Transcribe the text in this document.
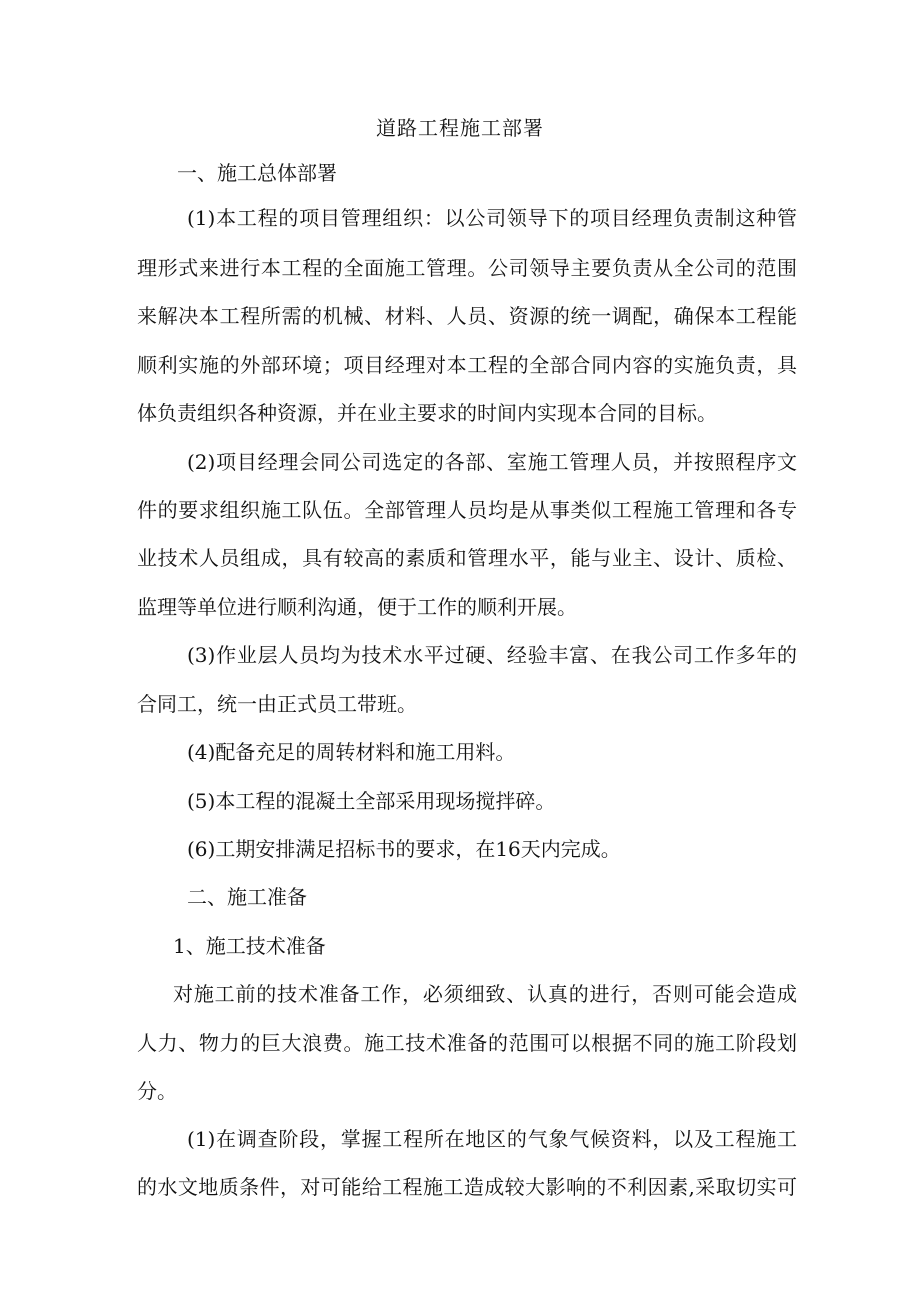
道路工程施工部署
一、施工总体部署
(1)本工程的项目管理组织：以公司领导下的项目经理负责制这种管
理形式来进行本工程的全面施工管理。公司领导主要负责从全公司的范围
来解决本工程所需的机械、材料、人员、资源的统一调配，确保本工程能
顺利实施的外部环境；项目经理对本工程的全部合同内容的实施负责，具
体负责组织各种资源，并在业主要求的时间内实现本合同的目标。
(2)项目经理会同公司选定的各部、室施工管理人员，并按照程序文
件的要求组织施工队伍。全部管理人员均是从事类似工程施工管理和各专
业技术人员组成，具有较高的素质和管理水平，能与业主、设计、质检、
监理等单位进行顺利沟通，便于工作的顺利开展。
(3)作业层人员均为技术水平过硬、经验丰富、在我公司工作多年的
合同工，统一由正式员工带班。
(4)配备充足的周转材料和施工用料。
(5)本工程的混凝土全部采用现场搅拌碎。
(6)工期安排满足招标书的要求，在16天内完成。
二、施工准备
1、施工技术准备
对施工前的技术准备工作，必须细致、认真的进行，否则可能会造成
人力、物力的巨大浪费。施工技术准备的范围可以根据不同的施工阶段划
分。
(1)在调查阶段，掌握工程所在地区的气象气候资料，以及工程施工
的水文地质条件，对可能给工程施工造成较大影响的不利因素,采取切实可
